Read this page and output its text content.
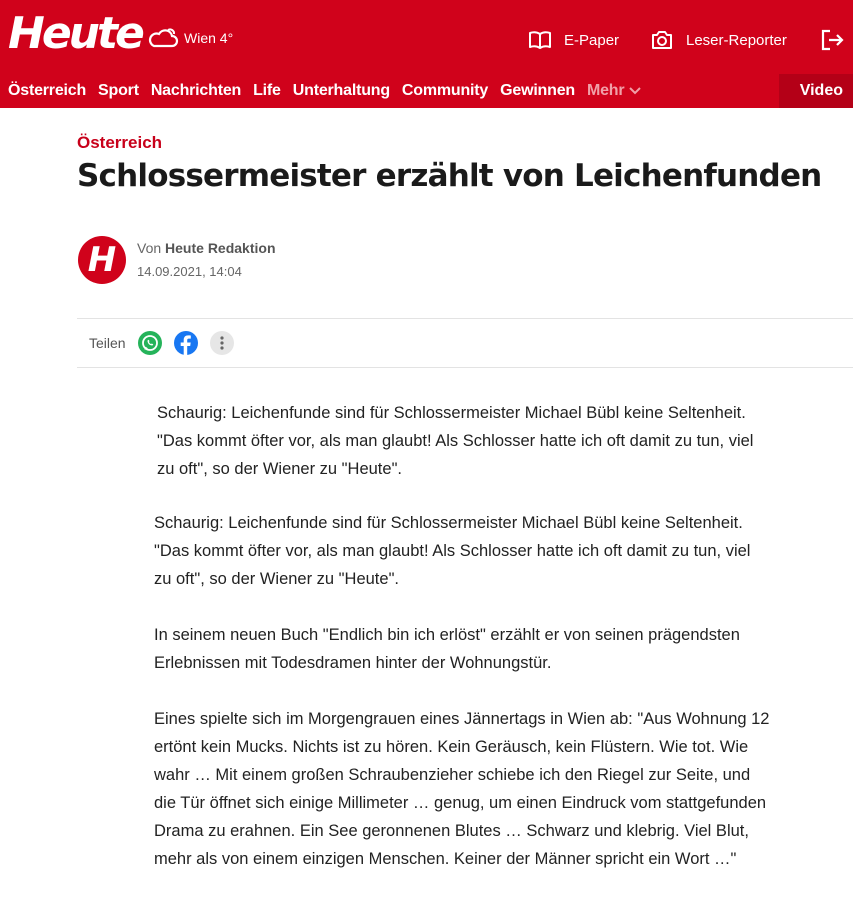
Heute	Wien 4°	E-Paper	Leser-Reporter
Österreich Sport Nachrichten Life Unterhaltung Community Gewinnen Mehr	Video
Österreich
Schlossermeister erzählt von Leichenfunden
H Von Heute Redaktion
14.09.2021, 14:04
Teilen

Schaurig: Leichenfunde sind für Schlossermeister Michael Bübl keine Seltenheit. "Das kommt öfter vor, als man glaubt! Als Schlosser hatte ich oft damit zu tun, viel zu oft", so der Wiener zu "Heute".

Schaurig: Leichenfunde sind für Schlossermeister Michael Bübl keine Seltenheit. "Das kommt öfter vor, als man glaubt! Als Schlosser hatte ich oft damit zu tun, viel zu oft", so der Wiener zu "Heute".

In seinem neuen Buch "Endlich bin ich erlöst" erzählt er von seinen prägendsten Erlebnissen mit Todesdramen hinter der Wohnungstür.

Eines spielte sich im Morgengrauen eines Jännertags in Wien ab: "Aus Wohnung 12 ertönt kein Mucks. Nichts ist zu hören. Kein Geräusch, kein Flüstern. Wie tot. Wie wahr … Mit einem großen Schraubenzieher schiebe ich den Riegel zur Seite, und die Tür öffnet sich einige Millimeter … genug, um einen Eindruck vom stattgefunden Drama zu erahnen. Ein See geronnenen Blutes … Schwarz und klebrig. Viel Blut, mehr als von einem einzigen Menschen. Keiner der Männer spricht ein Wort …"
